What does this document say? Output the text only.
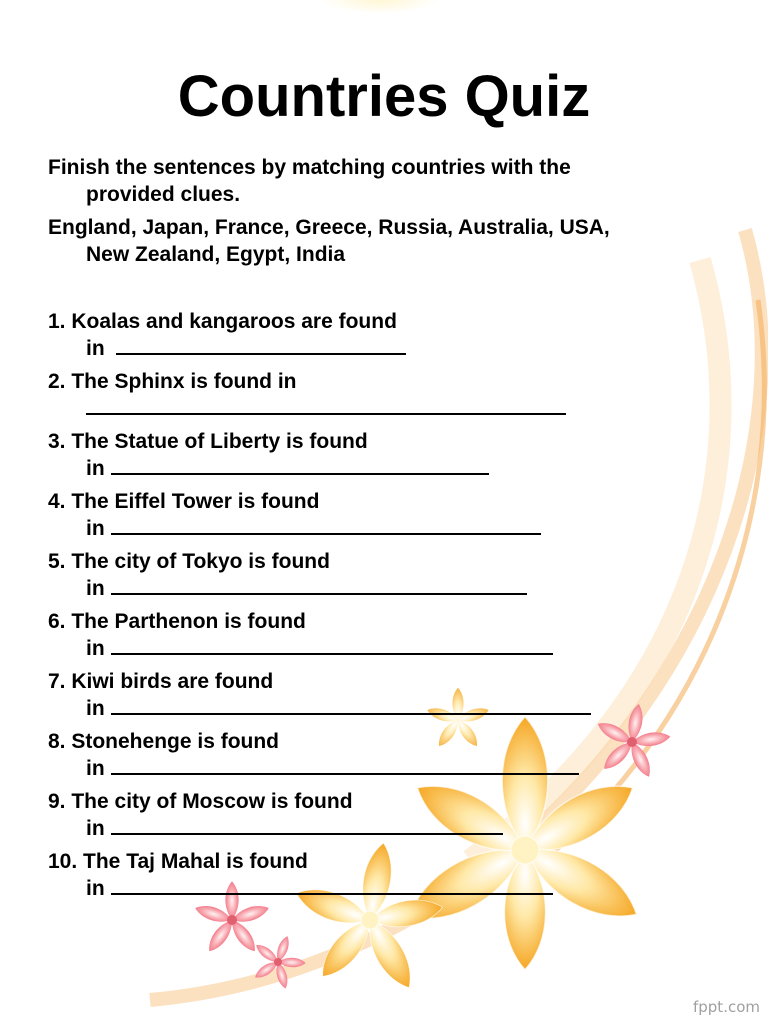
Countries Quiz
Finish the sentences by matching countries with the
provided clues.
England, Japan, France, Greece, Russia, Australia, USA,
New Zealand, Egypt, India
1. Koalas and kangaroos are found
in
2. The Sphinx is found in
3. The Statue of Liberty is found
in
4. The Eiffel Tower is found
in
5. The city of Tokyo is found
in
6. The Parthenon is found
in
7. Kiwi birds are found
in
8. Stonehenge is found
in
9. The city of Moscow is found
in
10. The Taj Mahal is found
in
fppt.com
